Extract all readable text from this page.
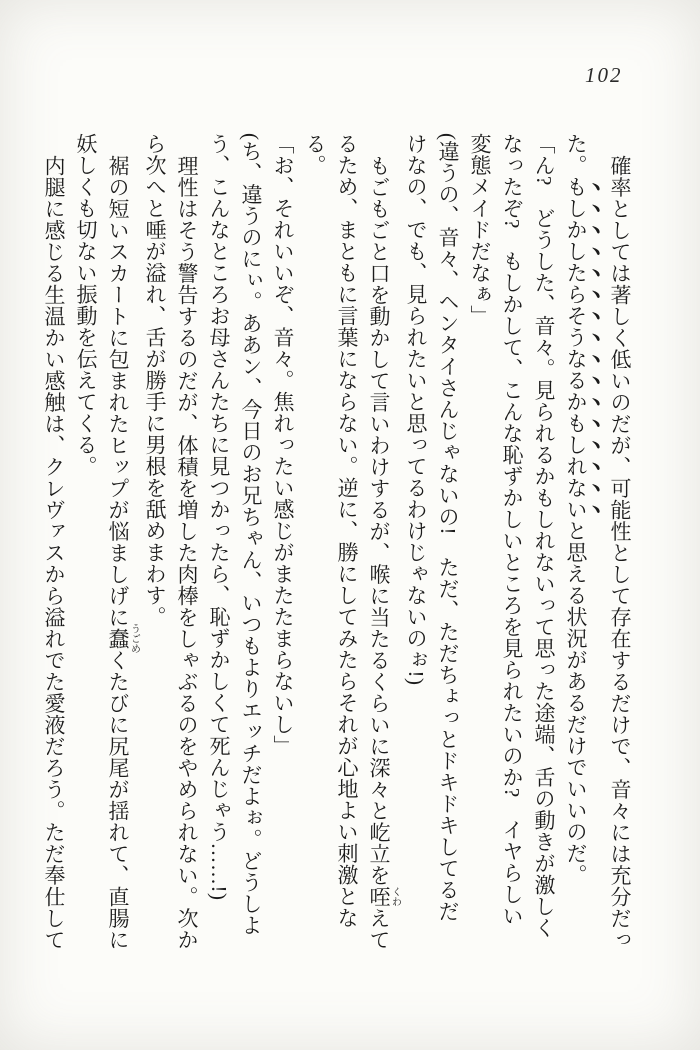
102
確率としては著しく低いのだが、可能性として存在するだけで、音々には充分だっ
た。もしかしたらそうなるかもしれないと思える状況があるだけでいいのだ。
「ん?　どうした、音々。見られるかもしれないって思った途端、舌の動きが激しく
なったぞ?　もしかして、こんな恥ずかしいところを見られたいのか?　イヤらしい
変態メイドだなぁ」
(違うの、音々、ヘンタイさんじゃないの!　ただ、ただちょっとドキドキしてるだ
けなの、でも、見られたいと思ってるわけじゃないのぉ!)
もごもごと口を動かして言いわけするが、喉に当たるくらいに深々と屹立を咥くわえて
るため、まともに言葉にならない。逆に、勝にしてみたらそれが心地よい刺激となる。
「お、それいいぞ、音々。焦れったい感じがまたたまらないし」
(ち、違うのにぃ。ああン、今日のお兄ちゃん、いつもよりエッチだよぉ。どうしよ
う、こんなところお母さんたちに見つかったら、恥ずかしくて死んじゃう……!)
理性はそう警告するのだが、体積を増した肉棒をしゃぶるのをやめられない。次か
ら次へと唾が溢れ、舌が勝手に男根を舐めまわす。
裾の短いスカートに包まれたヒップが悩ましげに蠢うごめくたびに尻尾が揺れて、直腸に
妖しくも切ない振動を伝えてくる。
内腿に感じる生温かい感触は、クレヴァスから溢れでた愛液だろう。ただ奉仕して
